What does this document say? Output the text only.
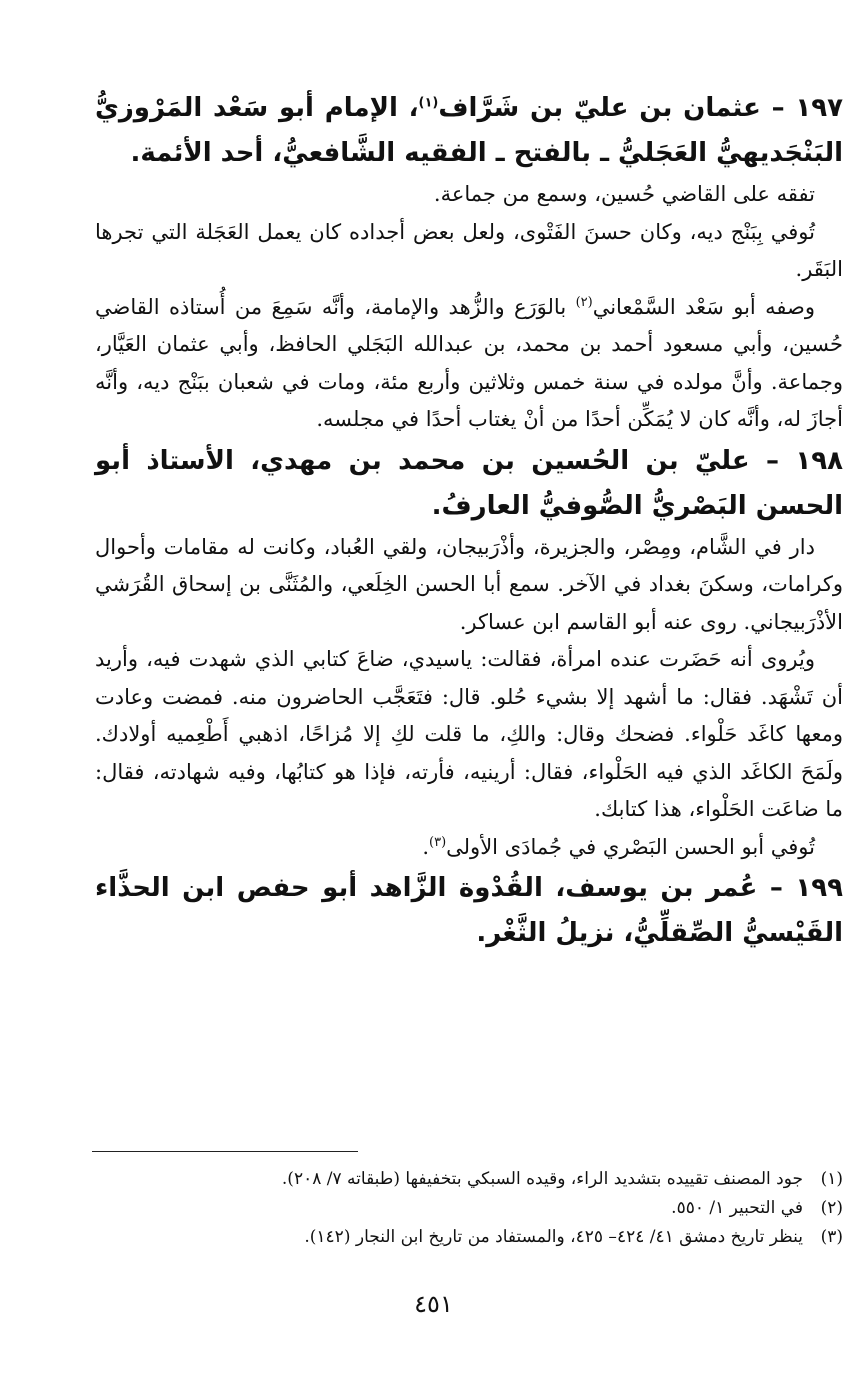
١٩٧ – عثمان بن عليّ بن شَرَّاف$^{(١)}$، الإمام أبو سَعْد المَرْوزيُّ البَنْجَديهيُّ العَجَليُّ ـ بالفتح ـ الفقيه الشَّافعيُّ، أحد الأئمة.

تفقه على القاضي حُسين، وسمع من جماعة.

تُوفي بِبَنْج ديه، وكان حسنَ الفَتْوى، ولعل بعض أجداده كان يعمل العَجَلة التي تجرها البَقَر.

وصفه أبو سَعْد السَّمْعاني$^{(٢)}$ بالوَرَع والزُّهد والإمامة، وأنَّه سَمِعَ من أُستاذه القاضي حُسين، وأبي مسعود أحمد بن محمد، بن عبدالله البَجَلي الحافظ، وأبي عثمان العَيَّار، وجماعة. وأنَّ مولده في سنة خمس وثلاثين وأربع مئة، ومات في شعبان ببَنْج ديه، وأنَّه أجازَ له، وأنَّه كان لا يُمَكِّن أحدًا من أنْ يغتاب أحدًا في مجلسه.

١٩٨ – عليّ بن الحُسين بن محمد بن مهدي، الأستاذ أبو الحسن البَصْريُّ الصُّوفيُّ العارفُ.

دار في الشَّام، ومِصْر، والجزيرة، وأذْرَبيجان، ولقي العُباد، وكانت له مقامات وأحوال وكرامات، وسكنَ بغداد في الآخر. سمع أبا الحسن الخِلَعي، والمُثَنَّى بن إسحاق القُرَشي الأذْرَبيجاني. روى عنه أبو القاسم ابن عساكر.

ويُروى أنه حَضَرت عنده امرأة، فقالت: ياسيدي، ضاعَ كتابي الذي شهدت فيه، وأريد أن تَشْهَد. فقال: ما أشهد إلا بشيء حُلو. قال: فتَعَجَّب الحاضرون منه. فمضت وعادت ومعها كاغَد حَلْواء. فضحك وقال: والكِ، ما قلت لكِ إلا مُزاحًا، اذهبي أَطْعِميه أولادك. ولَمَحَ الكاغَد الذي فيه الحَلْواء، فقال: أرينيه، فأرته، فإذا هو كتابُها، وفيه شهادته، فقال: ما ضاعَت الحَلْواء، هذا كتابك.

تُوفي أبو الحسن البَصْري في جُمادَى الأولى$^{(٣)}$.

١٩٩ – عُمر بن يوسف، القُدْوة الزَّاهد أبو حفص ابن الحذَّاء القَيْسيُّ الصِّقلِّيُّ، نزيلُ الثَّغْر.

(١)جود المصنف تقييده بتشديد الراء، وقيده السبكي بتخفيفها (طبقاته ٧/ ٢٠٨).

(٢)في التحبير ١/ ٥٥٠.

(٣)ينظر تاريخ دمشق ٤١/ ٤٢٤– ٤٢٥، والمستفاد من تاريخ ابن النجار (١٤٢).

٤٥١
